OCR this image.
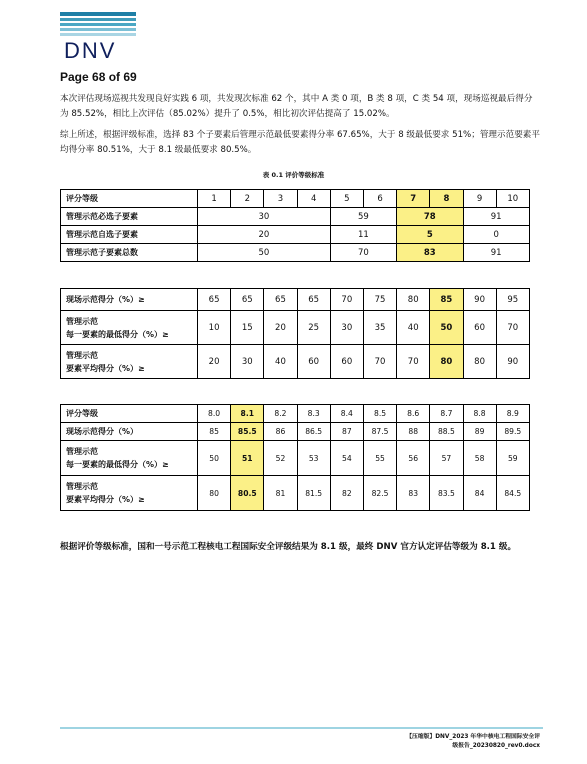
DNV
Page 68 of 69

本次评估现场巡视共发现良好实践 6 项，共发现次标准 62 个，其中 A 类 0 项，B 类 8 项，C 类 54 项，现场巡视最后得分为 85.52%，相比上次评估（85.02%）提升了 0.5%，相比初次评估提高了 15.02%。

综上所述，根据评级标准，选择 83 个子要素后管理示范最低要素得分率 67.65%，大于 8 级最低要求 51%；管理示范要素平均得分率 80.51%，大于 8.1 级最低要求 80.5%。

表 0.1 评价等级标准
评分等级	1	2	3	4	5	6	7	8	9	10
管理示范必选子要素	30				59		78		91	
管理示范自选子要素	20				11		5		0	
管理示范子要素总数	50				70		83		91	
现场示范得分（%）≥	65	65	65	65	70	75	80	85	90	95
管理示范
每一要素的最低得分（%）≥	10	15	20	25	30	35	40	50	60	70
管理示范
要素平均得分（%）≥	20	30	40	60	60	70	70	80	80	90
评分等级	8.0	8.1	8.2	8.3	8.4	8.5	8.6	8.7	8.8	8.9
现场示范得分（%）	85	85.5	86	86.5	87	87.5	88	88.5	89	89.5
管理示范
每一要素的最低得分（%）≥	50	51	52	53	54	55	56	57	58	59
管理示范
要素平均得分（%）≥	80	80.5	81	81.5	82	82.5	83	83.5	84	84.5

根据评价等级标准，国和一号示范工程核电工程国际安全评级结果为 8.1 级，最终 DNV 官方认定评估等级为 8.1 级。

【压缩版】DNV_2023 年华中核电工程国际安全评
级报告_20230820_rev0.docx
